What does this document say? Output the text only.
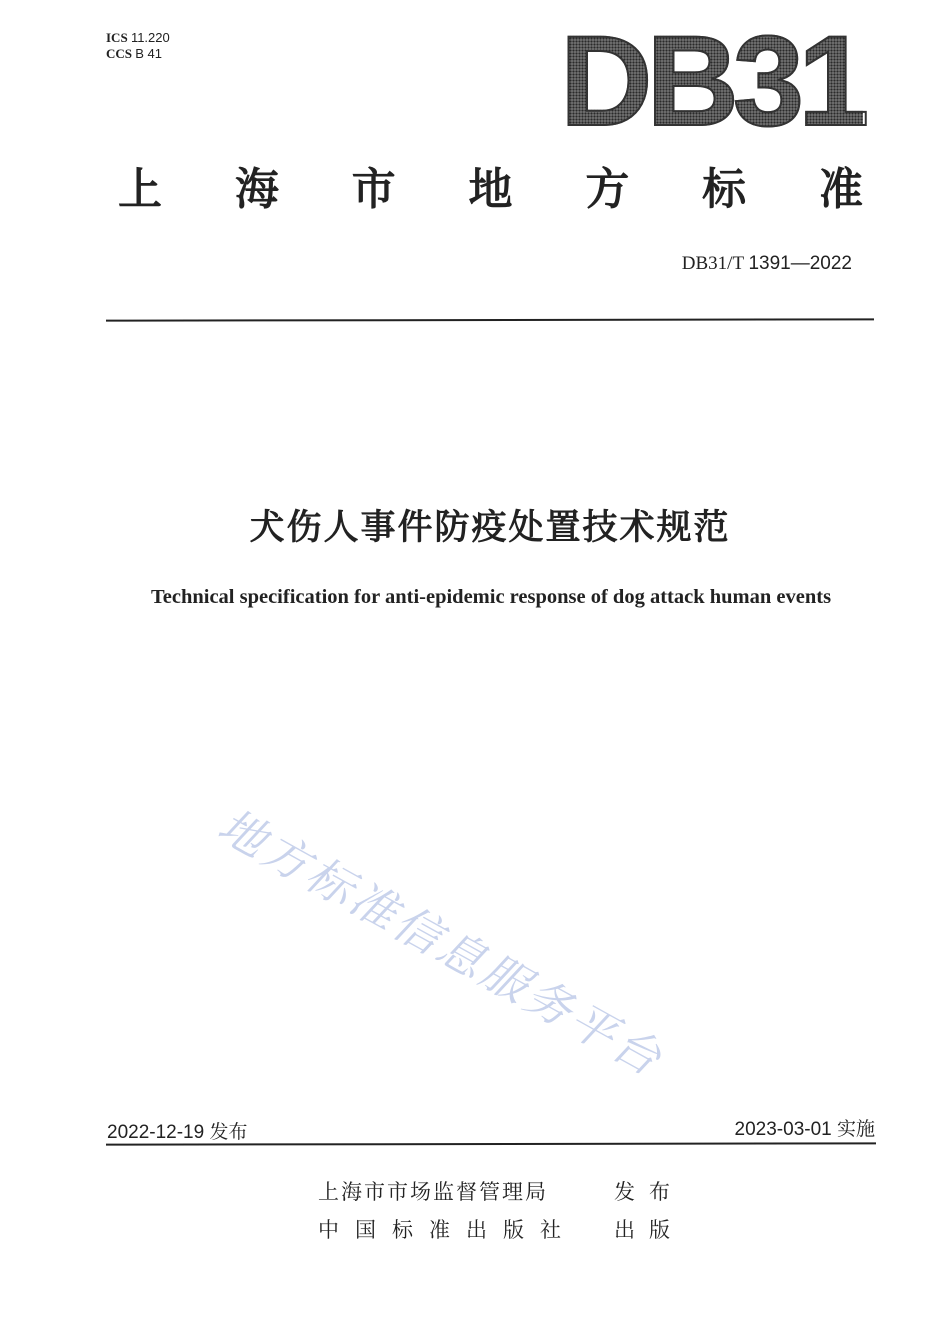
ICS 11.220
CCS B 41	DB31
上 海 市 地 方 标 准
DB31/T 1391—2022
犬伤人事件防疫处置技术规范
Technical specification for anti-epidemic response of dog attack human events
地方标准信息服务平台
2022-12-19 发布	2023-03-01 实施
上海市市场监督管理局	发布
中国标准出版社 出版
